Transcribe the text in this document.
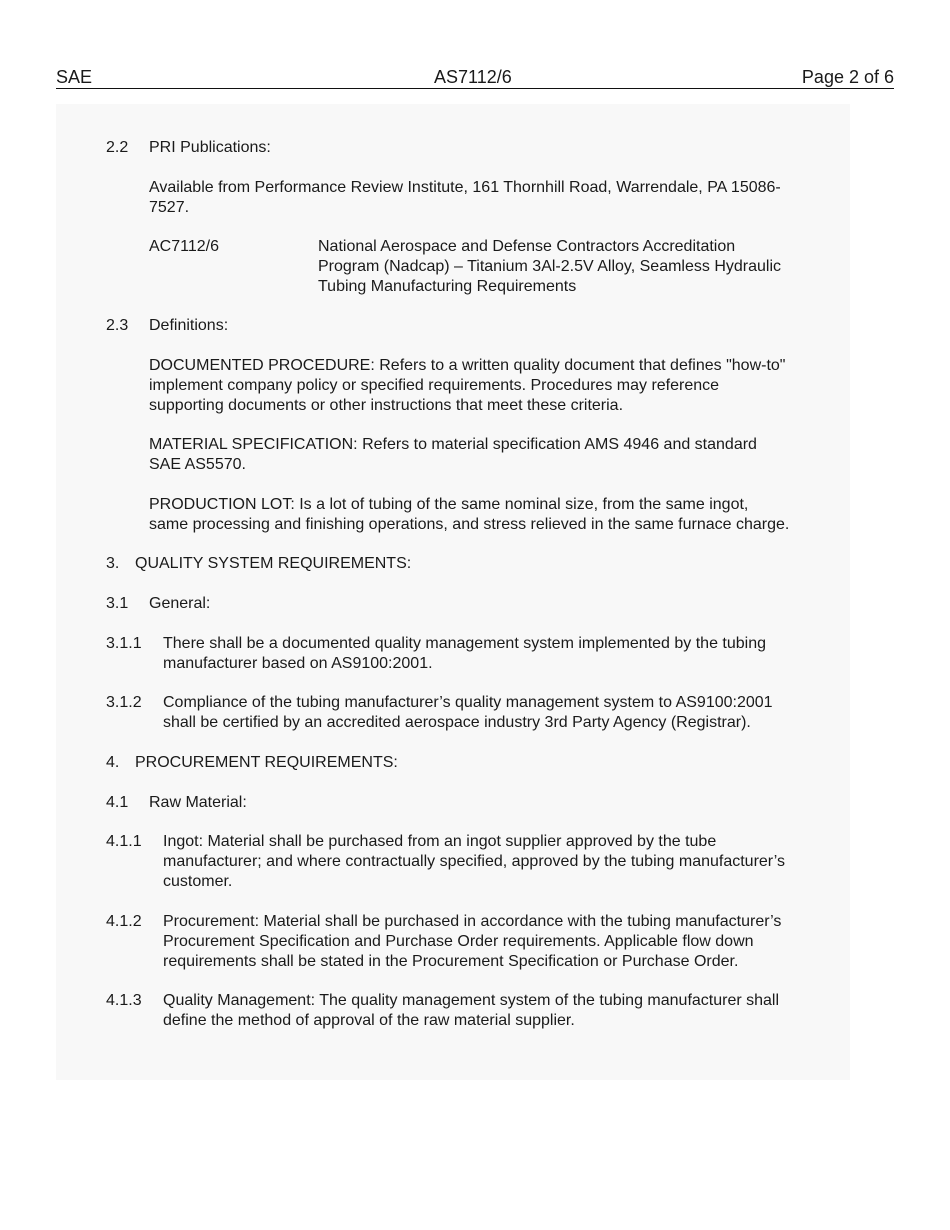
SAE	AS7112/6	Page 2 of 6
2.2 PRI Publications:
Available from Performance Review Institute, 161 Thornhill Road, Warrendale, PA 15086-
7527.
AC7112/6	National Aerospace and Defense Contractors Accreditation
Program (Nadcap) – Titanium 3Al-2.5V Alloy, Seamless Hydraulic
Tubing Manufacturing Requirements
2.3 Definitions:
DOCUMENTED PROCEDURE: Refers to a written quality document that defines "how-to"
implement company policy or specified requirements. Procedures may reference
supporting documents or other instructions that meet these criteria.
MATERIAL SPECIFICATION: Refers to material specification AMS 4946 and standard
SAE AS5570.
PRODUCTION LOT: Is a lot of tubing of the same nominal size, from the same ingot,
same processing and finishing operations, and stress relieved in the same furnace charge.
3. QUALITY SYSTEM REQUIREMENTS:
3.1 General:
3.1.1 There shall be a documented quality management system implemented by the tubing
manufacturer based on AS9100:2001.
3.1.2 Compliance of the tubing manufacturer’s quality management system to AS9100:2001
shall be certified by an accredited aerospace industry 3rd Party Agency (Registrar).
4. PROCUREMENT REQUIREMENTS:
4.1 Raw Material:
4.1.1 Ingot: Material shall be purchased from an ingot supplier approved by the tube
manufacturer; and where contractually specified, approved by the tubing manufacturer’s
customer.
4.1.2 Procurement: Material shall be purchased in accordance with the tubing manufacturer’s
Procurement Specification and Purchase Order requirements. Applicable flow down
requirements shall be stated in the Procurement Specification or Purchase Order.
4.1.3 Quality Management: The quality management system of the tubing manufacturer shall
define the method of approval of the raw material supplier.
